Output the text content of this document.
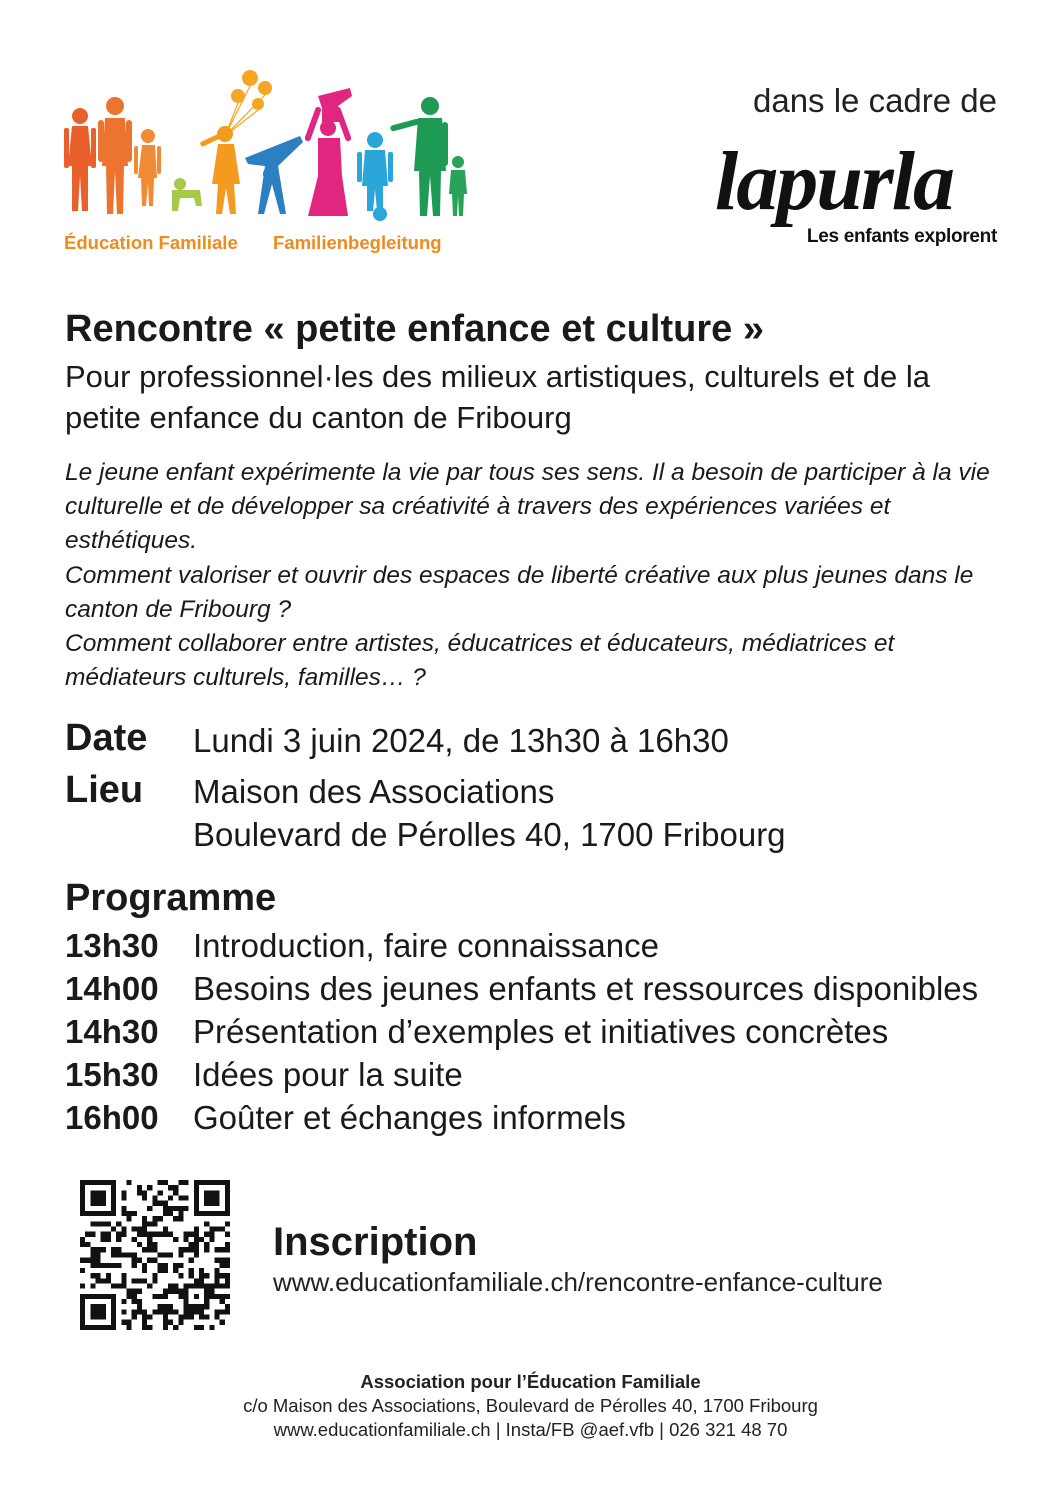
Éducation Familiale Familienbegleitung
dans le cadre de
lapurla
Les enfants explorent
Rencontre « petite enfance et culture »
Pour professionnel·les des milieux artistiques, culturels et de la petite enfance du canton de Fribourg

Le jeune enfant expérimente la vie par tous ses sens. Il a besoin de participer à la vie culturelle et de développer sa créativité à travers des expériences variées et esthétiques.

Comment valoriser et ouvrir des espaces de liberté créative aux plus jeunes dans le canton de Fribourg ?

Comment collaborer entre artistes, éducatrices et éducateurs, médiatrices et médiateurs culturels, familles… ?

Date Lundi 3 juin 2024, de 13h30 à 16h30
Lieu Maison des Associations
Boulevard de Pérolles 40, 1700 Fribourg
Programme
13h30	Introduction, faire connaissance
14h00	Besoins des jeunes enfants et ressources disponibles
14h30	Présentation d’exemples et initiatives concrètes
15h30	Idées pour la suite
16h00	Goûter et échanges informels
Inscription
www.educationfamiliale.ch/rencontre-enfance-culture
Association pour l’Éducation Familiale
c/o Maison des Associations, Boulevard de Pérolles 40, 1700 Fribourg
www.educationfamiliale.ch | Insta/FB @aef.vfb | 026 321 48 70
